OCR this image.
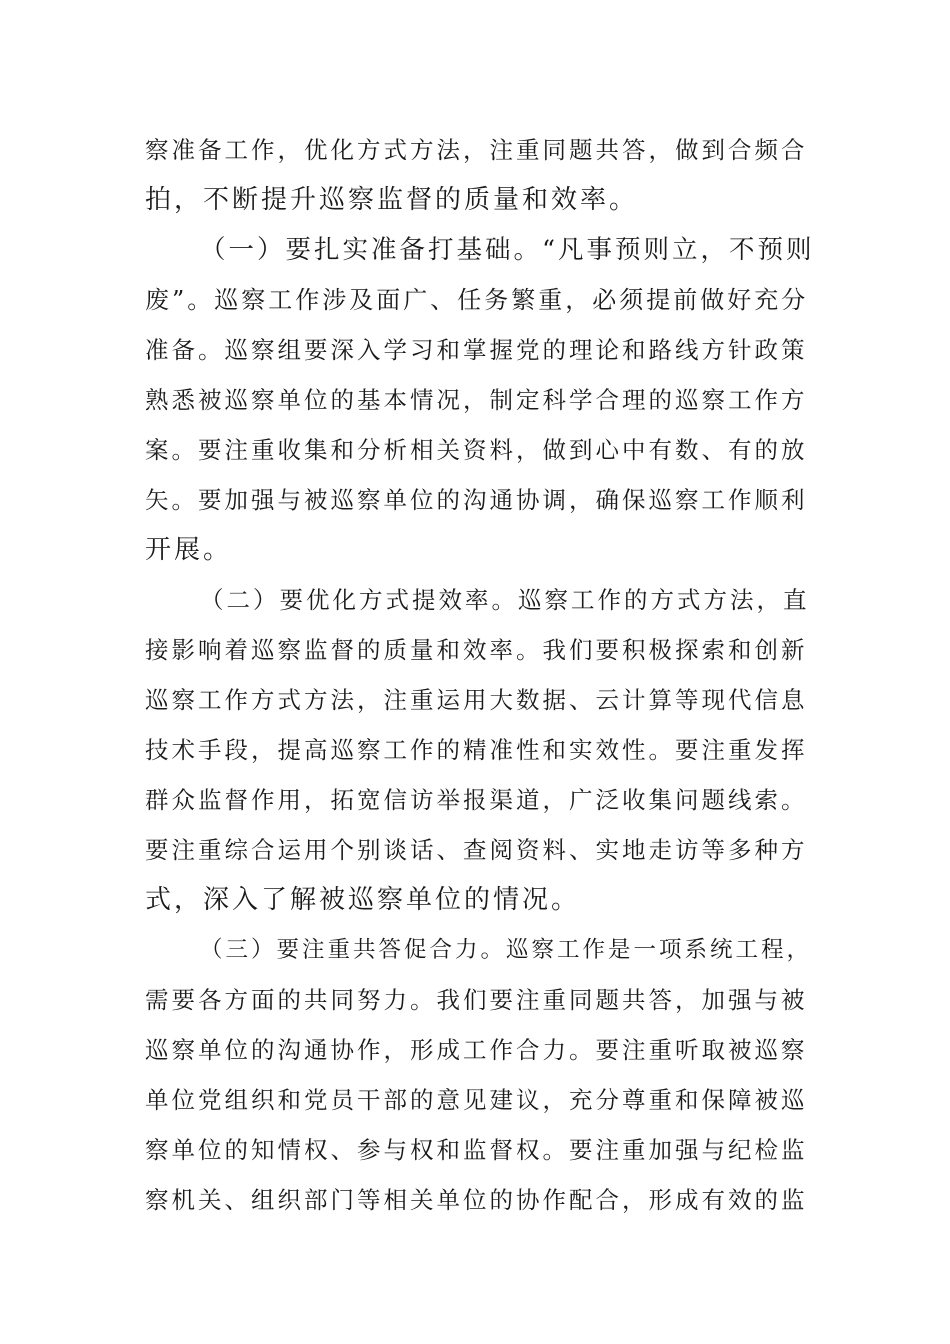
察准备工作，优化方式方法，注重同题共答，做到合频合
拍，不断提升巡察监督的质量和效率。
（一）要扎实准备打基础。“凡事预则立，不预则
废”。巡察工作涉及面广、任务繁重，必须提前做好充分
准备。巡察组要深入学习和掌握党的理论和路线方针政策
熟悉被巡察单位的基本情况，制定科学合理的巡察工作方
案。要注重收集和分析相关资料，做到心中有数、有的放
矢。要加强与被巡察单位的沟通协调，确保巡察工作顺利
开展。
（二）要优化方式提效率。巡察工作的方式方法，直
接影响着巡察监督的质量和效率。我们要积极探索和创新
巡察工作方式方法，注重运用大数据、云计算等现代信息
技术手段，提高巡察工作的精准性和实效性。要注重发挥
群众监督作用，拓宽信访举报渠道，广泛收集问题线索。
要注重综合运用个别谈话、查阅资料、实地走访等多种方
式，深入了解被巡察单位的情况。
（三）要注重共答促合力。巡察工作是一项系统工程，
需要各方面的共同努力。我们要注重同题共答，加强与被
巡察单位的沟通协作，形成工作合力。要注重听取被巡察
单位党组织和党员干部的意见建议，充分尊重和保障被巡
察单位的知情权、参与权和监督权。要注重加强与纪检监
察机关、组织部门等相关单位的协作配合，形成有效的监
